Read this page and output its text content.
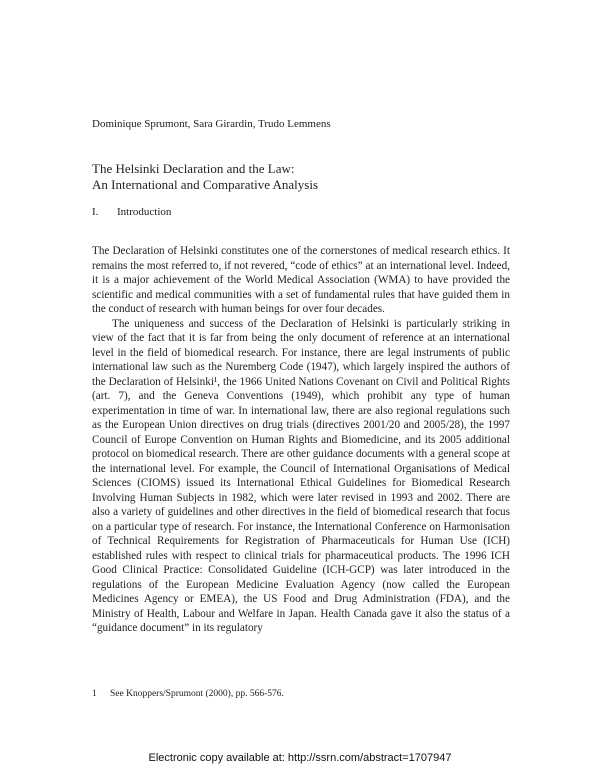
Dominique Sprumont, Sara Girardin, Trudo Lemmens
The Helsinki Declaration and the Law:
An International and Comparative Analysis
I. Introduction

The Declaration of Helsinki constitutes one of the cornerstones of medical research ethics. It remains the most referred to, if not revered, “code of ethics” at an international level. Indeed, it is a major achievement of the World Medical Association (WMA) to have provided the scientific and medical communities with a set of fundamental rules that have guided them in the conduct of research with human beings for over four decades.

The uniqueness and success of the Declaration of Helsinki is particularly striking in view of the fact that it is far from being the only document of reference at an international level in the field of biomedical research. For instance, there are legal instruments of public international law such as the Nuremberg Code (1947), which largely inspired the authors of the Declaration of Helsinki¹, the 1966 United Nations Covenant on Civil and Political Rights (art. 7), and the Geneva Conventions (1949), which prohibit any type of human experimentation in time of war. In international law, there are also regional regulations such as the European Union directives on drug trials (directives 2001/20 and 2005/28), the 1997 Council of Europe Convention on Human Rights and Biomedicine, and its 2005 additional protocol on biomedical research. There are other guidance documents with a general scope at the international level. For example, the Council of International Organisations of Medical Sciences (CIOMS) issued its International Ethical Guidelines for Biomedical Research Involving Human Subjects in 1982, which were later revised in 1993 and 2002. There are also a variety of guidelines and other directives in the field of biomedical research that focus on a particular type of research. For instance, the International Conference on Harmonisation of Technical Requirements for Registration of Pharmaceuticals for Human Use (ICH) established rules with respect to clinical trials for pharmaceutical products. The 1996 ICH Good Clinical Practice: Consolidated Guideline (ICH-GCP) was later introduced in the regulations of the European Medicine Evaluation Agency (now called the European Medicines Agency or EMEA), the US Food and Drug Administration (FDA), and the Ministry of Health, Labour and Welfare in Japan. Health Canada gave it also the status of a “guidance document” in its regulatory

1 See Knoppers/Sprumont (2000), pp. 566-576.
Electronic copy available at: http://ssrn.com/abstract=1707947
